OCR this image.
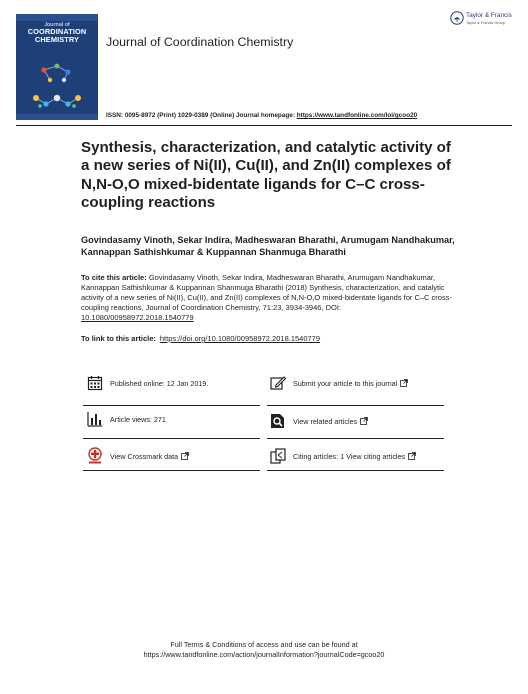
Journal of
COORDINATION
CHEMISTRY	Journal of Coordination Chemistry
Taylor & Francis
Taylor & Francis Group
ISSN: 0095-8972 (Print) 1029-0389 (Online) Journal homepage: https://www.tandfonline.com/loi/gcoo20
Synthesis, characterization, and catalytic activity of a new series of Ni(II), Cu(II), and Zn(II) complexes of N,N-O,O mixed-bidentate ligands for C–C cross-coupling reactions
Govindasamy Vinoth, Sekar Indira, Madheswaran Bharathi, Arumugam Nandhakumar, Kannappan Sathishkumar & Kuppannan Shanmuga Bharathi
To cite this article: Govindasamy Vinoth, Sekar Indira, Madheswaran Bharathi, Arumugam Nandhakumar, Kannappan Sathishkumar & Kuppannan Shanmuga Bharathi (2018) Synthesis, characterization, and catalytic activity of a new series of Ni(II), Cu(II), and Zn(II) complexes of N,N-O,O mixed-bidentate ligands for C–C cross-coupling reactions, Journal of Coordination Chemistry, 71:23, 3934-3946, DOI: 10.1080/00958972.2018.1540779
To link to this article: https://doi.org/10.1080/00958972.2018.1540779
Published online: 12 Jan 2019.	Submit your article to this journal
Article views: 271	View related articles
View Crossmark data	Citing articles: 1 View citing articles
Full Terms & Conditions of access and use can be found at
https://www.tandfonline.com/action/journalInformation?journalCode=gcoo20
